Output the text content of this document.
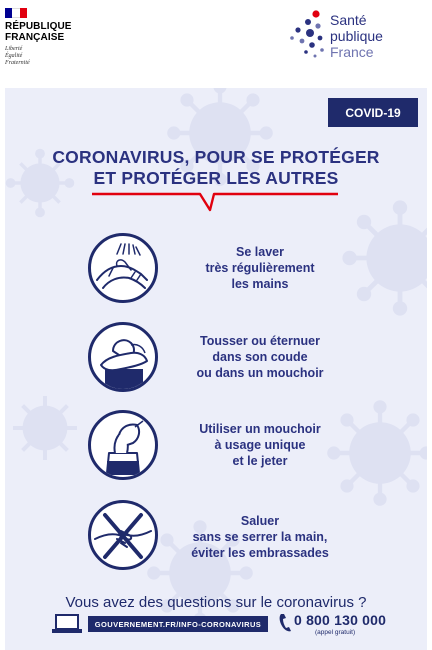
RÉPUBLIQUE
FRANÇAISE
Liberté
Égalité
Fraternité
Santé
publique
France
COVID-19
CORONAVIRUS, POUR SE PROTÉGER
ET PROTÉGER LES AUTRES
Se laver
très régulièrement
les mains
Tousser ou éternuer
dans son coude
ou dans un mouchoir
Utiliser un mouchoir
à usage unique
et le jeter
Saluer
sans se serrer la main,
éviter les embrassades
Vous avez des questions sur le coronavirus ?
GOUVERNEMENT.FR/INFO-CORONAVIRUS	0 800 130 000
(appel gratuit)
